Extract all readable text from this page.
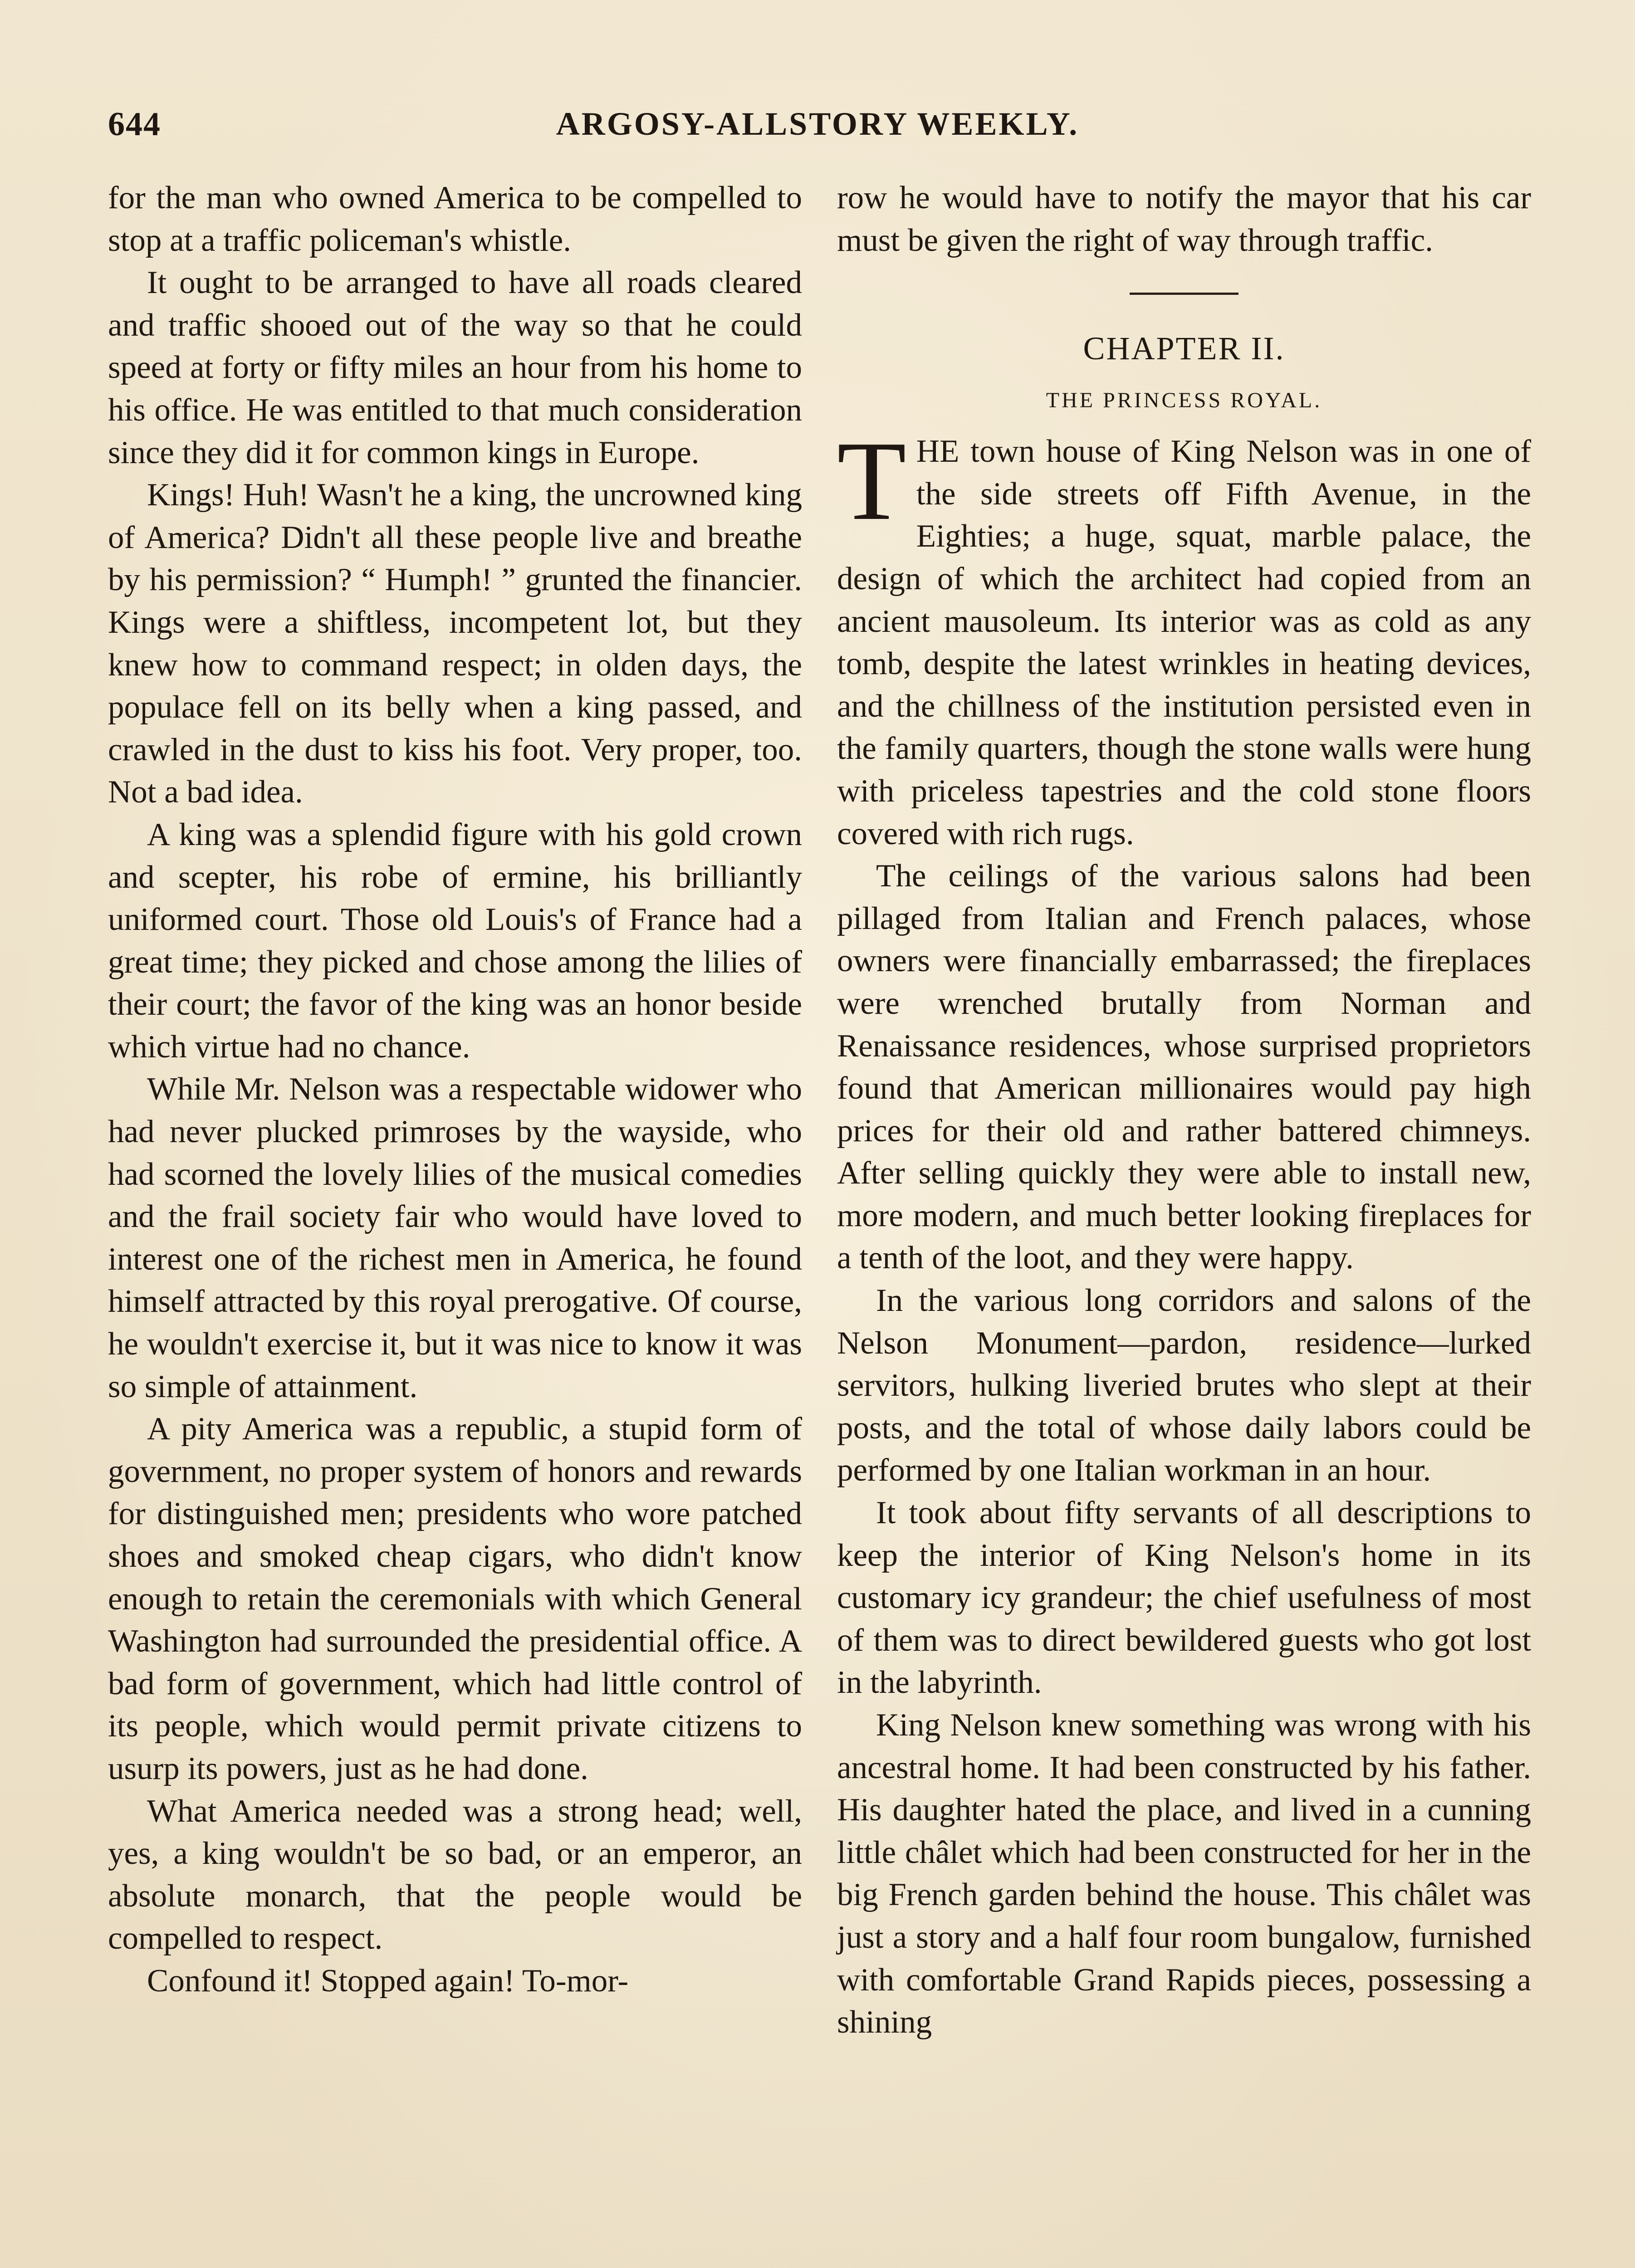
644	ARGOSY-ALLSTORY WEEKLY.

for the man who owned America to be compelled to stop at a traffic policeman's whistle.

It ought to be arranged to have all roads cleared and traffic shooed out of the way so that he could speed at forty or fifty miles an hour from his home to his office. He was entitled to that much consideration since they did it for common kings in Europe.

Kings! Huh! Wasn't he a king, the uncrowned king of America? Didn't all these people live and breathe by his permission? “ Humph! ” grunted the financier. Kings were a shiftless, incompetent lot, but they knew how to command respect; in olden days, the populace fell on its belly when a king passed, and crawled in the dust to kiss his foot. Very proper, too. Not a bad idea.

A king was a splendid figure with his gold crown and scepter, his robe of ermine, his brilliantly uniformed court. Those old Louis's of France had a great time; they picked and chose among the lilies of their court; the favor of the king was an honor beside which virtue had no chance.

While Mr. Nelson was a respectable widower who had never plucked primroses by the wayside, who had scorned the lovely lilies of the musical comedies and the frail society fair who would have loved to interest one of the richest men in America, he found himself attracted by this royal prerogative. Of course, he wouldn't exercise it, but it was nice to know it was so simple of attainment.

A pity America was a republic, a stupid form of government, no proper system of honors and rewards for distinguished men; presidents who wore patched shoes and smoked cheap cigars, who didn't know enough to retain the ceremonials with which General Washington had surrounded the presidential office. A bad form of government, which had little control of its people, which would permit private citizens to usurp its powers, just as he had done.

What America needed was a strong head; well, yes, a king wouldn't be so bad, or an emperor, an absolute monarch, that the people would be compelled to respect.

Confound it! Stopped again! To-mor-

row he would have to notify the mayor that his car must be given the right of way through traffic.

CHAPTER II.
THE PRINCESS ROYAL.

THE town house of King Nelson was in one of the side streets off Fifth Avenue, in the Eighties; a huge, squat, marble palace, the design of which the architect had copied from an ancient mausoleum. Its interior was as cold as any tomb, despite the latest wrinkles in heating devices, and the chillness of the institution persisted even in the family quarters, though the stone walls were hung with priceless tapestries and the cold stone floors covered with rich rugs.

The ceilings of the various salons had been pillaged from Italian and French palaces, whose owners were financially embarrassed; the fireplaces were wrenched brutally from Norman and Renaissance residences, whose surprised proprietors found that American millionaires would pay high prices for their old and rather battered chimneys. After selling quickly they were able to install new, more modern, and much better looking fireplaces for a tenth of the loot, and they were happy.

In the various long corridors and salons of the Nelson Monument—pardon, residence—lurked servitors, hulking liveried brutes who slept at their posts, and the total of whose daily labors could be performed by one Italian workman in an hour.

It took about fifty servants of all descriptions to keep the interior of King Nelson's home in its customary icy grandeur; the chief usefulness of most of them was to direct bewildered guests who got lost in the labyrinth.

King Nelson knew something was wrong with his ancestral home. It had been constructed by his father. His daughter hated the place, and lived in a cunning little châlet which had been constructed for her in the big French garden behind the house. This châlet was just a story and a half four room bungalow, furnished with comfortable Grand Rapids pieces, possessing a shining
